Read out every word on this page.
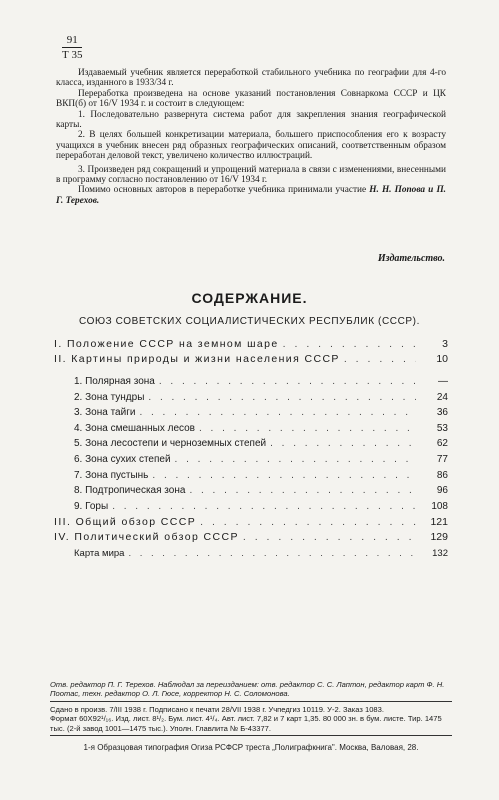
91
Т 35

Издаваемый учебник является переработкой стабильного учебника по географии для 4-го класса, изданного в 1933/34 г.

Переработка произведена на основе указаний постановления Совнаркома СССР и ЦК ВКП(б) от 16/V 1934 г. и состоит в следующем:

1. Последовательно развернута система работ для закрепления знания географической карты.

2. В целях большей конкретизации материала, большего приспособления его к возрасту учащихся в учебник внесен ряд образных географических описаний, соответственным образом переработан деловой текст, увеличено количество иллюстраций.

3. Произведен ряд сокращений и упрощений материала в связи с изменениями, внесенными в программу согласно постановлению от 16/V 1934 г.

Помимо основных авторов в переработке учебника принимали участие Н. Н. Попова и П. Г. Терехов.

Издательство.
СОДЕРЖАНИЕ.
СОЮЗ СОВЕТСКИХ СОЦИАЛИСТИЧЕСКИХ РЕСПУБЛИК (СССР).
I. Положение СССР на земном шаре . . .	3
II. Картины природы и жизни населения СССР . . .	10
1. Полярная зона . . .	—
2. Зона тундры . . .	24
3. Зона тайги . . .	36
4. Зона смешанных лесов . . .	53
5. Зона лесостепи и черноземных степей . . .	62
6. Зона сухих степей . . .	77
7. Зона пустынь . . .	86
8. Подтропическая зона . . .	96
9. Горы . . .	108
III. Общий обзор СССР . . .	121
IV. Политический обзор СССР . . .	129
Карта мира . . .	132
Отв. редактор П. Г. Терехов. Наблюдал за переизданием: отв. редактор С. С. Лаптон, редактор карт Ф. Н. Поотас, техн. редактор О. Л. Гюсе, корректор Н. С. Соломонова.
Сдано в произв. 7/III 1938 г. Подписано к печати 28/VII 1938 г. Учпедгиз 10119. У-2. Заказ 1083.
Формат 60X92¹/₁₆. Изд. лист. 8¹/₂. Бум. лист. 4¹/₄. Авт. лист. 7,82 и 7 карт 1,35. 80 000 зн. в бум. листе. Тир. 1475 тыс. (2-й завод 1001—1475 тыс.). Уполн. Главлита № Б-43377.
1-я Образцовая типография Огиза РСФСР треста „Полиграфкнига". Москва, Валовая, 28.
